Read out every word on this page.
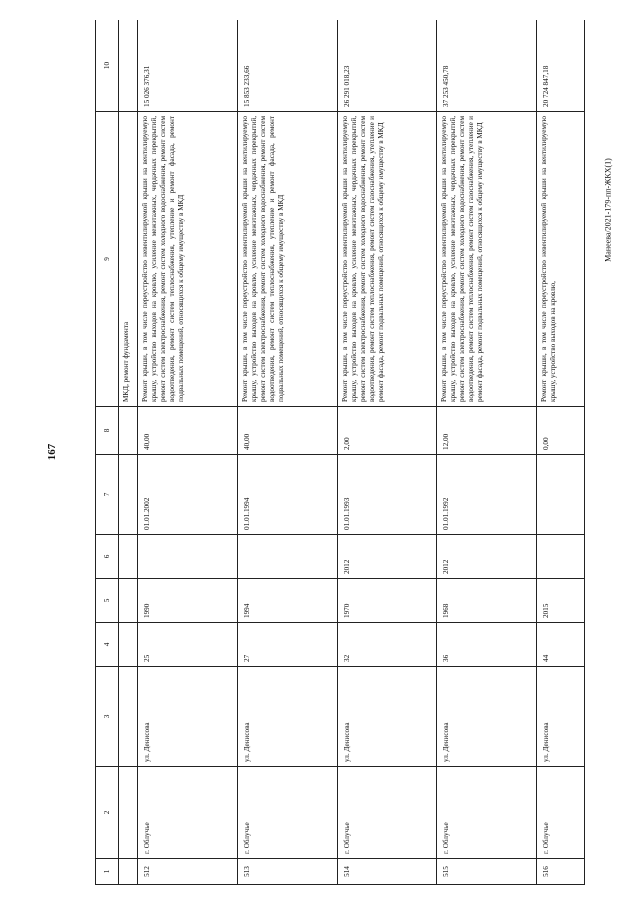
167
Манеева/2021-179-пп-ЖКХ(1)
1	2	3	4	5	6	7	8	9	10
								МКД, ремонт фундамента	
512	г. Облучье	ул. Денисова	25	1990		01.01.2002	40,00	Ремонт крыши, в том числе переустройство невентилируемой крыши на вентилируемую крышу, устройство выходов на кровлю, усиление межэтажных, чердачных перекрытий, ремонт систем электроснабжения, ремонт систем холодного водоснабжения, ремонт систем водоотведения, ремонт систем теплоснабжения, утепление и ремонт фасада, ремонт подвальных помещений, относящихся к общему имуществу в МКД	15 026 376,31
513	г. Облучье	ул. Денисова	27	1994		01.01.1994	40,00	Ремонт крыши, в том числе переустройство невентилируемой крыши на вентилируемую крышу, устройство выходов на кровлю, усиление межэтажных, чердачных перекрытий, ремонт систем электроснабжения, ремонт систем холодного водоснабжения, ремонт систем водоотведения, ремонт систем теплоснабжения, утепление и ремонт фасада, ремонт подвальных помещений, относящихся к общему имуществу в МКД	15 853 233,66
514	г. Облучье	ул. Денисова	32	1970	2012	01.01.1993	2,00	Ремонт крыши, в том числе переустройство невентилируемой крыши на вентилируемую крышу, устройство выходов на кровлю, усиление межэтажных, чердачных перекрытий, ремонт систем электроснабжения, ремонт систем холодного водоснабжения, ремонт систем водоотведения, ремонт систем теплоснабжения, ремонт систем газоснабжения, утепление и ремонт фасада, ремонт подвальных помещений, относящихся к общему имуществу в МКД	26 291 018,23
515	г. Облучье	ул. Денисова	36	1968	2012	01.01.1992	12,00	Ремонт крыши, в том числе переустройство невентилируемой крыши на вентилируемую крышу, устройство выходов на кровлю, усиление межэтажных, чердачных перекрытий, ремонт систем электроснабжения, ремонт систем холодного водоснабжения, ремонт систем водоотведения, ремонт систем теплоснабжения, ремонт систем газоснабжения, утепление и ремонт фасада, ремонт подвальных помещений, относящихся к общему имуществу в МКД	37 253 450,78
516	г. Облучье	ул. Денисова	44	2015			0,00	Ремонт крыши, в том числе переустройство невентилируемой крыши на вентилируемую крышу, устройство выходов на кровлю,	20 724 847,18
